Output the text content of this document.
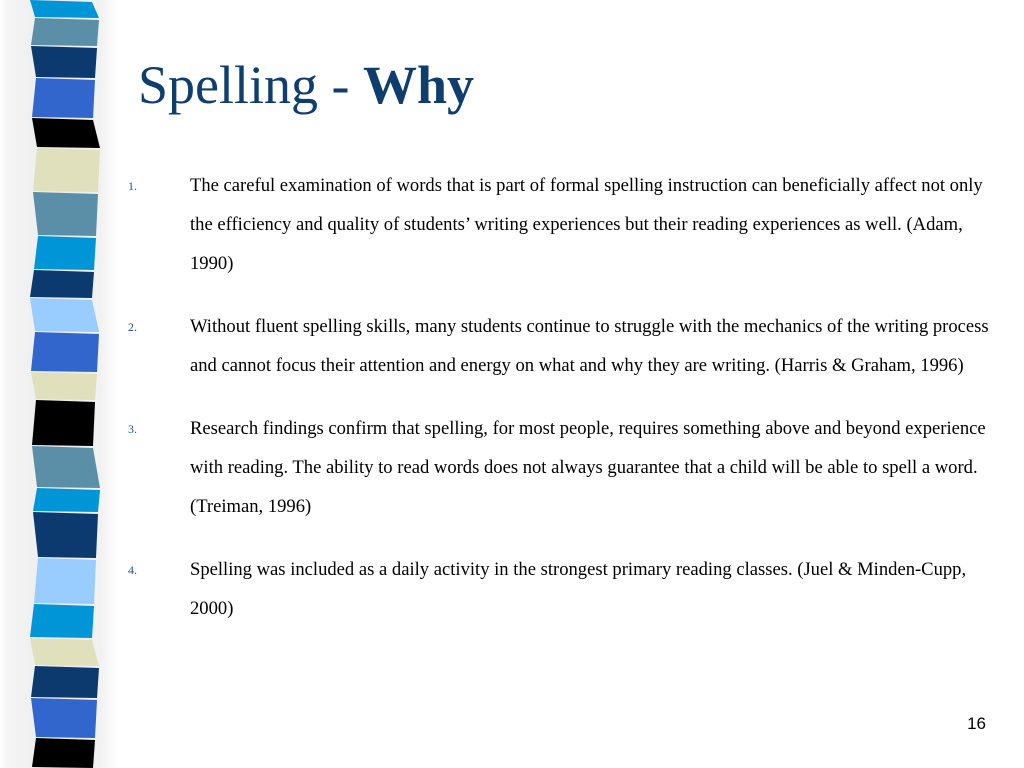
Spelling - Why
1.	The careful examination of words that is part of formal spelling instruction can beneficially affect not only the efficiency and quality of students’ writing experiences but their reading experiences as well. (Adam, 1990)
2.	Without fluent spelling skills, many students continue to struggle with the mechanics of the writing process and cannot focus their attention and energy on what and why they are writing. (Harris & Graham, 1996)
3.	Research findings confirm that spelling, for most people, requires something above and beyond experience with reading. The ability to read words does not always guarantee that a child will be able to spell a word. (Treiman, 1996)
4.	Spelling was included as a daily activity in the strongest primary reading classes. (Juel & Minden-Cupp, 2000)
16
